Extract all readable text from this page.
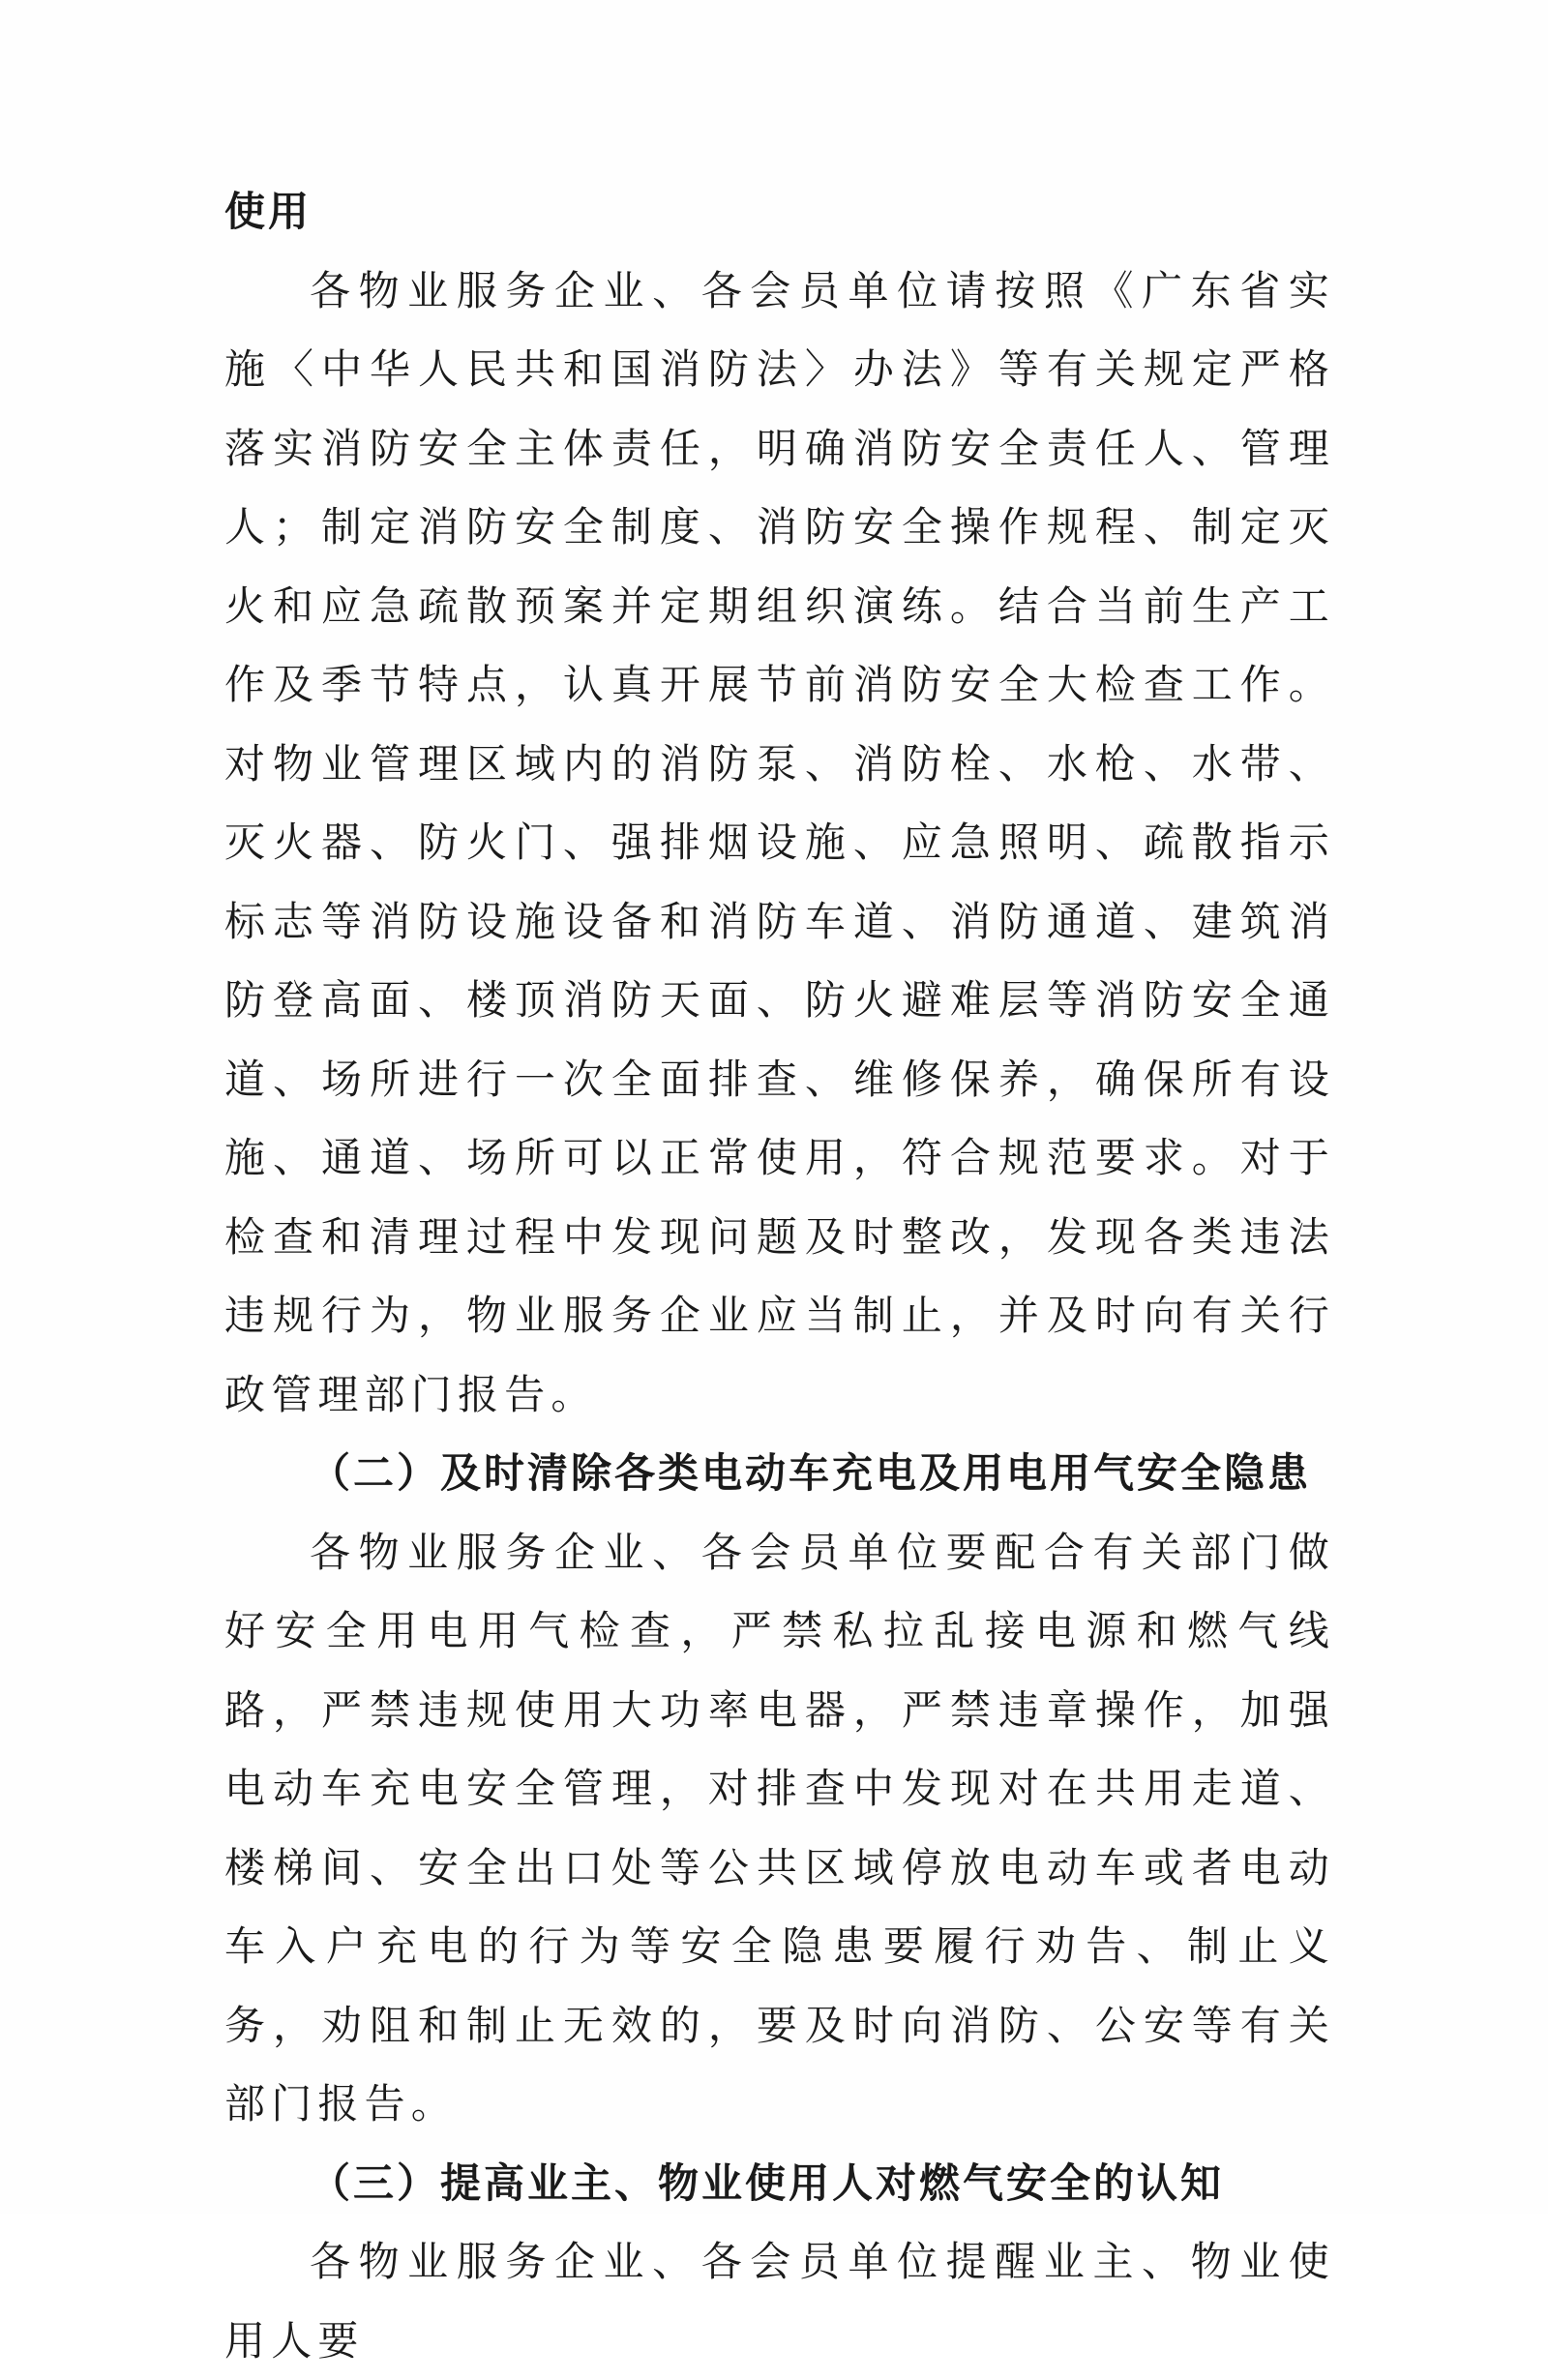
使用

各物业服务企业、各会员单位请按照《广东省实施〈中华人民共和国消防法〉办法》等有关规定严格落实消防安全主体责任，明确消防安全责任人、管理人；制定消防安全制度、消防安全操作规程、制定灭火和应急疏散预案并定期组织演练。结合当前生产工作及季节特点，认真开展节前消防安全大检查工作。对物业管理区域内的消防泵、消防栓、水枪、水带、灭火器、防火门、强排烟设施、应急照明、疏散指示标志等消防设施设备和消防车道、消防通道、建筑消防登高面、楼顶消防天面、防火避难层等消防安全通道、场所进行一次全面排查、维修保养，确保所有设施、通道、场所可以正常使用，符合规范要求。对于检查和清理过程中发现问题及时整改，发现各类违法违规行为，物业服务企业应当制止，并及时向有关行政管理部门报告。

（二）及时清除各类电动车充电及用电用气安全隐患

各物业服务企业、各会员单位要配合有关部门做好安全用电用气检查，严禁私拉乱接电源和燃气线路，严禁违规使用大功率电器，严禁违章操作，加强电动车充电安全管理，对排查中发现对在共用走道、楼梯间、安全出口处等公共区域停放电动车或者电动车入户充电的行为等安全隐患要履行劝告、制止义务，劝阻和制止无效的，要及时向消防、公安等有关部门报告。

（三）提高业主、物业使用人对燃气安全的认知

各物业服务企业、各会员单位提醒业主、物业使用人要
